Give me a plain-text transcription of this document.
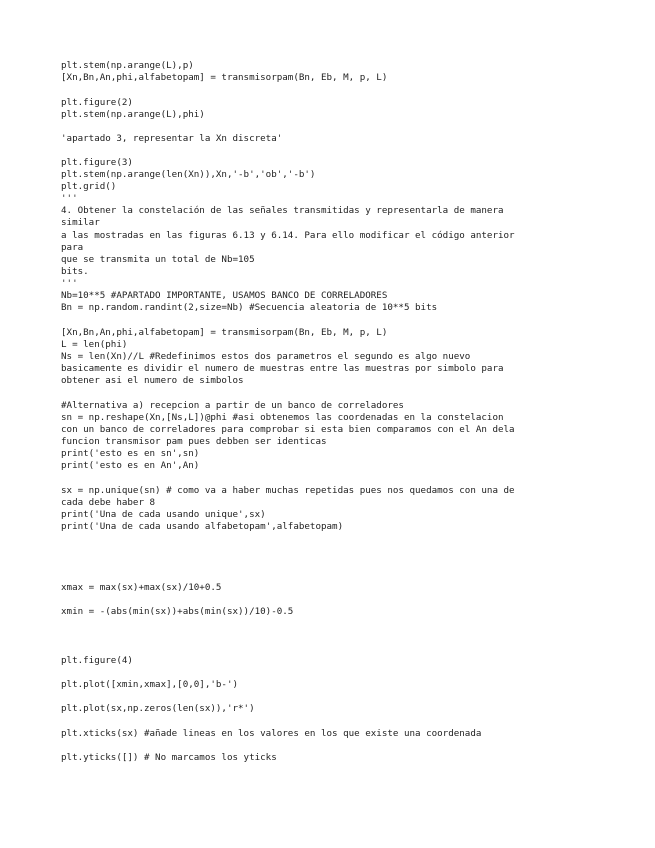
plt.stem(np.arange(L),p)
[Xn,Bn,An,phi,alfabetopam] = transmisorpam(Bn, Eb, M, p, L)
plt.figure(2)
plt.stem(np.arange(L),phi)
'apartado 3, representar la Xn discreta'
plt.figure(3)
plt.stem(np.arange(len(Xn)),Xn,'-b','ob','-b')
plt.grid()
'''
4. Obtener la constelación de las señales transmitidas y representarla de manera
similar
a las mostradas en las figuras 6.13 y 6.14. Para ello modificar el código anterior
para
que se transmita un total de Nb=105
bits.
'''
Nb=10**5 #APARTADO IMPORTANTE, USAMOS BANCO DE CORRELADORES
Bn = np.random.randint(2,size=Nb) #Secuencia aleatoria de 10**5 bits
[Xn,Bn,An,phi,alfabetopam] = transmisorpam(Bn, Eb, M, p, L)
L = len(phi)
Ns = len(Xn)//L #Redefinimos estos dos parametros el segundo es algo nuevo
basicamente es dividir el numero de muestras entre las muestras por simbolo para
obtener asi el numero de simbolos
#Alternativa a) recepcion a partir de un banco de correladores
sn = np.reshape(Xn,[Ns,L])@phi #asi obtenemos las coordenadas en la constelacion
con un banco de correladores para comprobar si esta bien comparamos con el An dela
funcion transmisor pam pues debben ser identicas
print('esto es en sn',sn)
print('esto es en An',An)
sx = np.unique(sn) # como va a haber muchas repetidas pues nos quedamos con una de
cada debe haber 8
print('Una de cada usando unique',sx)
print('Una de cada usando alfabetopam',alfabetopam)
xmax = max(sx)+max(sx)/10+0.5
xmin = -(abs(min(sx))+abs(min(sx))/10)-0.5
plt.figure(4)
plt.plot([xmin,xmax],[0,0],'b-')
plt.plot(sx,np.zeros(len(sx)),'r*')
plt.xticks(sx) #añade lineas en los valores en los que existe una coordenada
plt.yticks([]) # No marcamos los yticks
